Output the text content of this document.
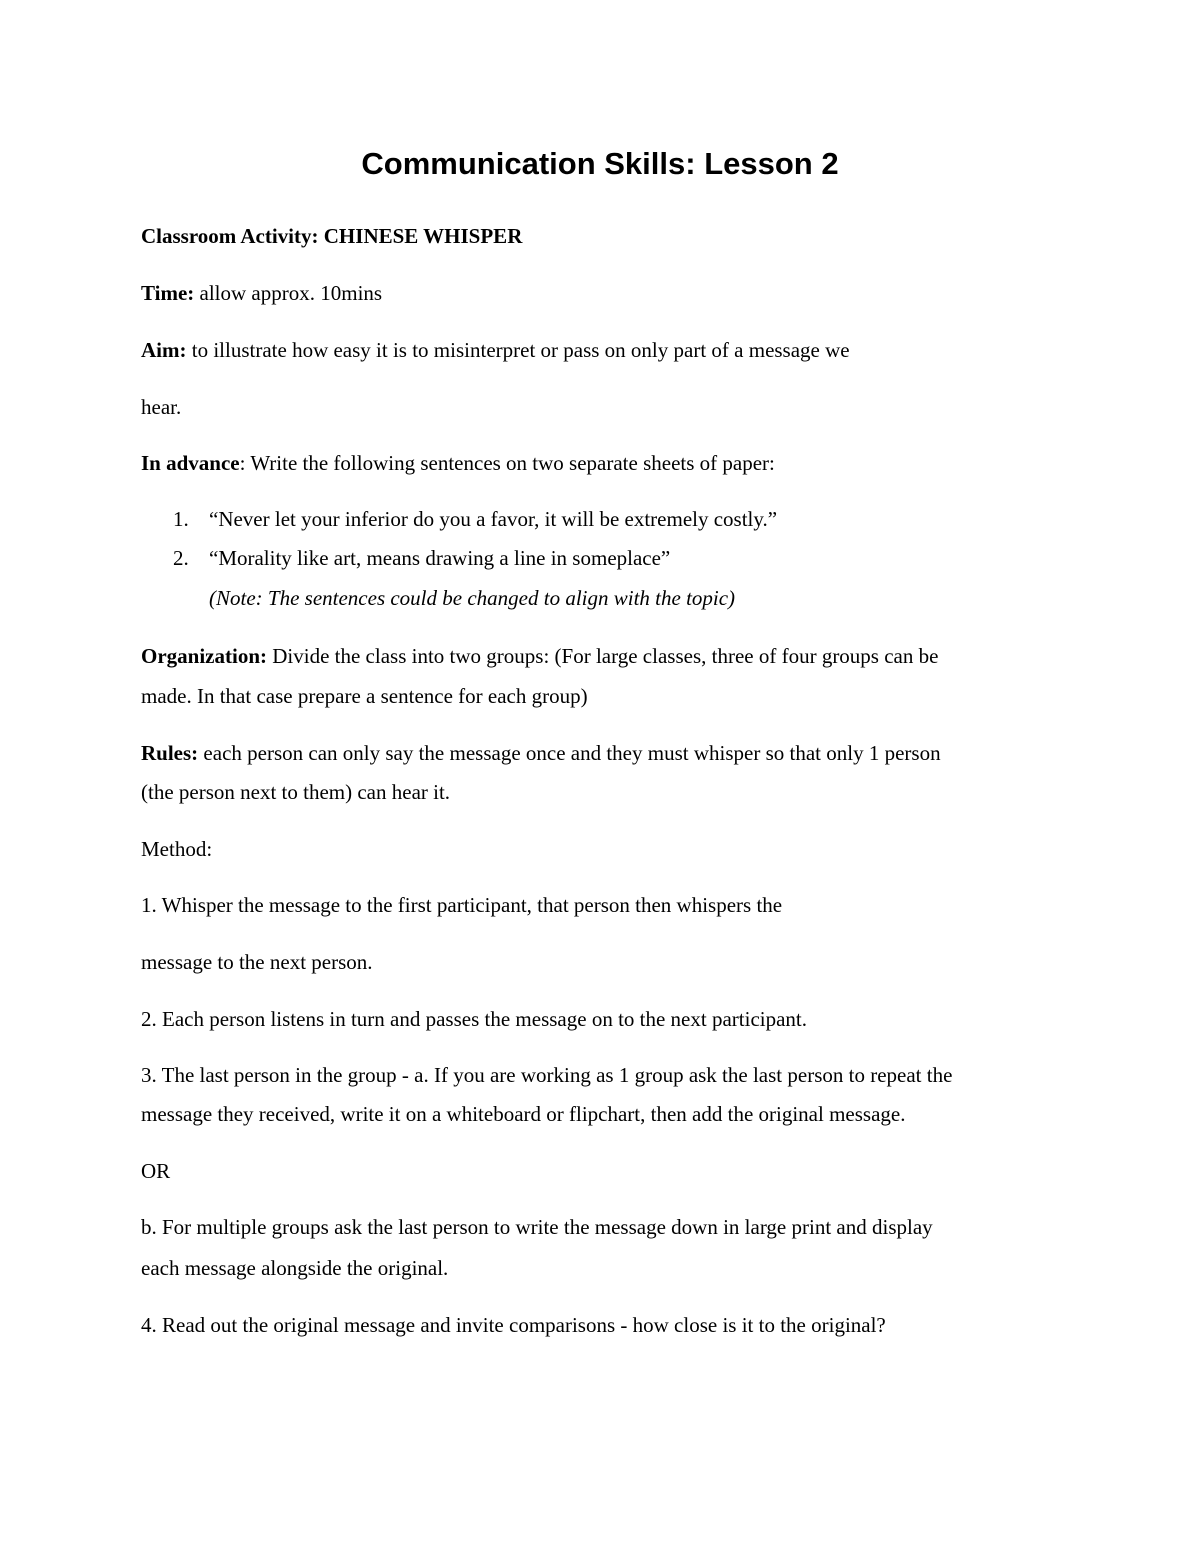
Communication Skills: Lesson 2
Classroom Activity: CHINESE WHISPER
Time: allow approx. 10mins
Aim: to illustrate how easy it is to misinterpret or pass on only part of a message we
hear.
In advance: Write the following sentences on two separate sheets of paper:
1. “Never let your inferior do you a favor, it will be extremely costly.”
2. “Morality like art, means drawing a line in someplace”
(Note: The sentences could be changed to align with the topic)
Organization: Divide the class into two groups: (For large classes, three of four groups can be
made. In that case prepare a sentence for each group)
Rules: each person can only say the message once and they must whisper so that only 1 person
(the person next to them) can hear it.
Method:
1. Whisper the message to the first participant, that person then whispers the
message to the next person.
2. Each person listens in turn and passes the message on to the next participant.
3. The last person in the group - a. If you are working as 1 group ask the last person to repeat the
message they received, write it on a whiteboard or flipchart, then add the original message.
OR
b. For multiple groups ask the last person to write the message down in large print and display
each message alongside the original.
4. Read out the original message and invite comparisons - how close is it to the original?
